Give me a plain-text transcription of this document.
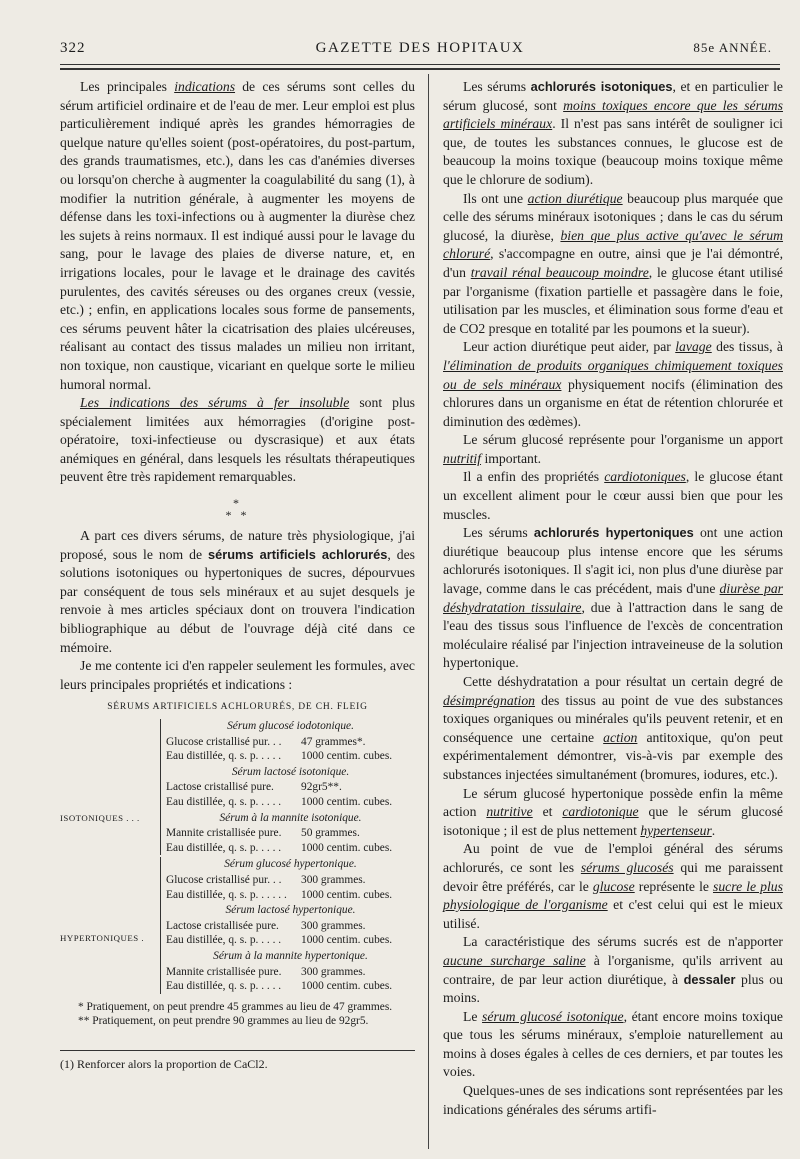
GAZETTE DES HOPITAUX
322	85e ANNÉE.

Les principales indications de ces sérums sont celles du sérum artificiel ordinaire et de l'eau de mer. Leur emploi est plus particulièrement indiqué après les grandes hémorragies de quelque nature qu'elles soient (post-opératoires, du post-partum, des grands traumatismes, etc.), dans les cas d'anémies diverses ou lorsqu'on cherche à augmenter la coagulabilité du sang (1), à modifier la nutrition générale, à augmenter les moyens de défense dans les toxi-infections ou à augmenter la diurèse chez les sujets à reins normaux. Il est indiqué aussi pour le lavage du sang, pour le lavage des plaies de diverse nature, et, en irrigations locales, pour le lavage et le drainage des cavités purulentes, des cavités séreuses ou des organes creux (vessie, etc.) ; enfin, en applications locales sous forme de pansements, ces sérums peuvent hâter la cicatrisation des plaies ulcéreuses, réalisant au contact des tissus malades un milieu non irritant, non toxique, non caustique, vicariant en quelque sorte le milieu humoral normal.

Les indications des sérums à fer insoluble sont plus spécialement limitées aux hémorragies (d'origine post-opératoire, toxi-infectieuse ou dyscrasique) et aux états anémiques en général, dans lesquels les résultats thérapeutiques peuvent être très rapidement remarquables.

*
* *

A part ces divers sérums, de nature très physiologique, j'ai proposé, sous le nom de sérums artificiels achlorurés, des solutions isotoniques ou hypertoniques de sucres, dépourvues par conséquent de tous sels minéraux et au sujet desquels je renvoie à mes articles spéciaux dont on trouvera l'indication bibliographique au début de l'ouvrage déjà cité dans ce mémoire.

Je me contente ici d'en rappeler seulement les formules, avec leurs principales propriétés et indications :

SÉRUMS ARTIFICIELS ACHLORURÉS, DE CH. FLEIG
ISOTONIQUES . . .
Sérum glucosé iodotonique.
Glucose cristallisé pur. . . 47 grammes*.
Eau distillée, q. s. p. . . . . 1000 centim. cubes.
Sérum lactosé isotonique.
Lactose cristallisé pure. 92gr5**.
Eau distillée, q. s. p. . . . . 1000 centim. cubes.
Sérum à la mannite isotonique.
Mannite cristallisée pure. 50 grammes.
Eau distillée, q. s. p. . . . . 1000 centim. cubes.
HYPERTONIQUES .
Sérum glucosé hypertonique.
Glucose cristallisé pur. . . 300 grammes.
Eau distillée, q. s. p. . . . . . 1000 centim. cubes.
Sérum lactosé hypertonique.
Lactose cristallisée pure. 300 grammes.
Eau distillée, q. s. p. . . . . 1000 centim. cubes.
Sérum à la mannite hypertonique.
Mannite cristallisée pure. 300 grammes.
Eau distillée, q. s. p. . . . . 1000 centim. cubes.

* Pratiquement, on peut prendre 45 grammes au lieu de 47 grammes.

** Pratiquement, on peut prendre 90 grammes au lieu de 92gr5.

(1) Renforcer alors la proportion de CaCl2.

Les sérums achlorurés isotoniques, et en particulier le sérum glucosé, sont moins toxiques encore que les sérums artificiels minéraux. Il n'est pas sans intérêt de souligner ici que, de toutes les substances connues, le glucose est de beaucoup la moins toxique (beaucoup moins toxique même que le chlorure de sodium).

Ils ont une action diurétique beaucoup plus marquée que celle des sérums minéraux isotoniques ; dans le cas du sérum glucosé, la diurèse, bien que plus active qu'avec le sérum chloruré, s'accompagne en outre, ainsi que je l'ai démontré, d'un travail rénal beaucoup moindre, le glucose étant utilisé par l'organisme (fixation partielle et passagère dans le foie, utilisation par les muscles, et élimination sous forme d'eau et de CO2 presque en totalité par les poumons et la sueur).

Leur action diurétique peut aider, par lavage des tissus, à l'élimination de produits organiques chimiquement toxiques ou de sels minéraux physiquement nocifs (élimination des chlorures dans un organisme en état de rétention chlorurée et diminution des œdèmes).

Le sérum glucosé représente pour l'organisme un apport nutritif important.

Il a enfin des propriétés cardiotoniques, le glucose étant un excellent aliment pour le cœur aussi bien que pour les muscles.

Les sérums achlorurés hypertoniques ont une action diurétique beaucoup plus intense encore que les sérums achlorurés isotoniques. Il s'agit ici, non plus d'une diurèse par lavage, comme dans le cas précédent, mais d'une diurèse par déshydratation tissulaire, due à l'attraction dans le sang de l'eau des tissus sous l'influence de l'excès de concentration moléculaire réalisé par l'injection intraveineuse de la solution hypertonique.

Cette déshydratation a pour résultat un certain degré de désimprégnation des tissus au point de vue des substances toxiques organiques ou minérales qu'ils peuvent retenir, et en conséquence une certaine action antitoxique, qu'on peut expérimentalement démontrer, vis-à-vis par exemple des substances injectées simultanément (bromures, iodures, etc.).

Le sérum glucosé hypertonique possède enfin la même action nutritive et cardiotonique que le sérum glucosé isotonique ; il est de plus nettement hypertenseur.

Au point de vue de l'emploi général des sérums achlorurés, ce sont les sérums glucosés qui me paraissent devoir être préférés, car le glucose représente le sucre le plus physiologique de l'organisme et c'est celui qui est le mieux utilisé.

La caractéristique des sérums sucrés est de n'apporter aucune surcharge saline à l'organisme, qu'ils arrivent au contraire, de par leur action diurétique, à dessaler plus ou moins.

Le sérum glucosé isotonique, étant encore moins toxique que tous les sérums minéraux, s'emploie naturellement au moins à doses égales à celles de ces derniers, et par toutes les voies.

Quelques-unes de ses indications sont représentées par les indications générales des sérums artifi-
